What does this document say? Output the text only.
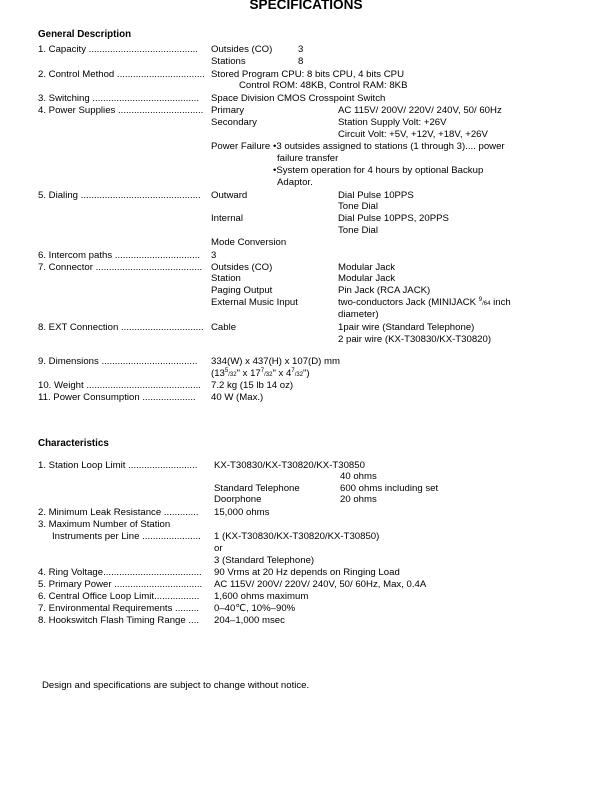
SPECIFICATIONS
General Description
1. Capacity ......................................... Outsides (CO)	3
Stations	8
2. Control Method ................................. Stored Program CPU: 8 bits CPU, 4 bits CPU
Control ROM: 48KB, Control RAM: 8KB
3. Switching ........................................ Space Division CMOS Crosspoint Switch
4. Power Supplies ................................ Primary	AC 115V/ 200V/ 220V/ 240V, 50/ 60Hz
Secondary	Station Supply Volt: +26V
Circuit Volt: +5V, +12V, +18V, +26V
Power Failure •3 outsides assigned to stations (1 through 3).... power
failure transfer
•System operation for 4 hours by optional Backup
Adaptor.
5. Dialing ............................................. Outward	Dial Pulse 10PPS
Tone Dial
Internal	Dial Pulse 10PPS, 20PPS
Tone Dial
Mode Conversion
6. Intercom paths ................................ 3
7. Connector ........................................ Outsides (CO)	Modular Jack
Station	Modular Jack
Paging Output	Pin Jack (RCA JACK)
External Music Input	two-conductors Jack (MINIJACK $^9$/64 inch
diameter)
8. EXT Connection ............................... Cable	1pair wire (Standard Telephone)
2 pair wire (KX-T30830/KX-T30820)
9. Dimensions .................................... 334(W) x 437(H) x 107(D) mm
($13^5/32$" x $17^7/32$" x $4^7/32$")
10. Weight ........................................... 7.2 kg (15 lb 14 oz)
11. Power Consumption .................... 40 W (Max.)
Characteristics
1. Station Loop Limit .......................... KX-T30830/KX-T30820/KX-T30850
40 ohms
Standard Telephone	600 ohms including set
Doorphone	20 ohms
2. Minimum Leak Resistance ............. 15,000 ohms
3. Maximum Number of Station
Instruments per Line ...................... 1 (KX-T30830/KX-T30820/KX-T30850)
or
3 (Standard Telephone)
4. Ring Voltage..................................... 90 Vrms at 20 Hz depends on Ringing Load
5. Primary Power ................................. AC 115V/ 200V/ 220V/ 240V, 50/ 60Hz, Max, 0.4A
6. Central Office Loop Limit................. 1,600 ohms maximum
7. Environmental Requirements ......... 0–40℃, 10%–90%
8. Hookswitch Flash Timing Range .... 204–1,000 msec
Design and specifications are subject to change without notice.
